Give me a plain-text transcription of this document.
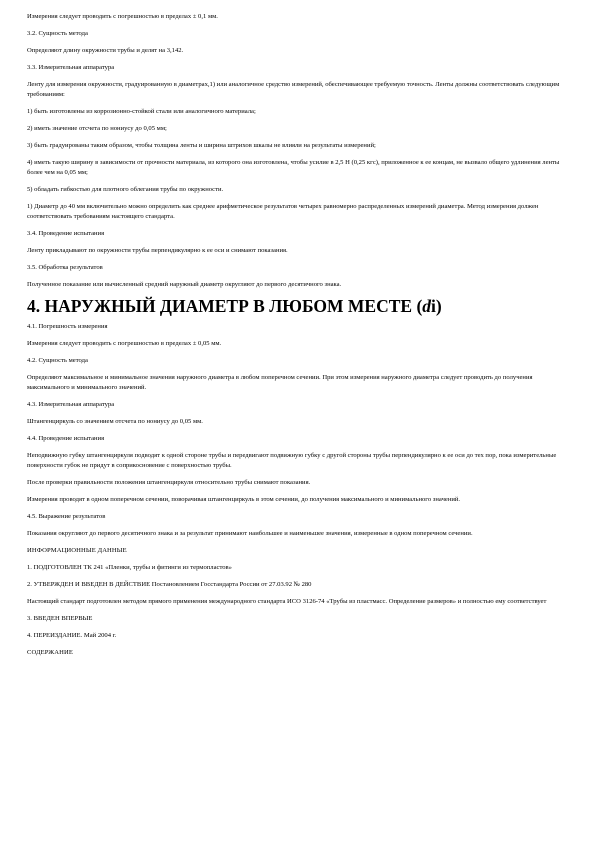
Измерения следует проводить с погрешностью в пределах ± 0,1 мм.

3.2. Сущность метода

Определяют длину окружности трубы и делят на 3,142.

3.3. Измерительная аппаратура

Ленту для измерения окружности, градуированную в диаметрах,1) или аналогичное средство измерений, обеспечивающее требуемую точность. Ленты должны соответствовать следующим требованиям:

1) быть изготовлены из коррозионно-стойкой стали или аналогичного материала;

2) иметь значение отсчета по нониусу до 0,05 мм;

3) быть градуированы таким образом, чтобы толщина ленты и ширина штрихов шкалы не влияли на результаты измерений;

4) иметь такую ширину в зависимости от прочности материала, из которого она изготовлена, чтобы усилие в 2,5 Н (0,25 кгс), приложенное к ее концам, не вызвало общего удлинения ленты более чем на 0,05 мм;

5) обладать гибкостью для плотного облегания трубы по окружности.

1) Диаметр до 40 мм включительно можно определить как среднее арифметическое результатов четырех равномерно распределенных измерений диаметра. Метод измерения должен соответствовать требованиям настоящего стандарта.

3.4. Проведение испытания

Ленту прикладывают по окружности трубы перпендикулярно к ее оси и снимают показания.

3.5. Обработка результатов

Полученное показание или вычисленный средний наружный диаметр округляют до первого десятичного знака.

4. НАРУЖНЫЙ ДИАМЕТР В ЛЮБОМ МЕСТЕ (di)

4.1. Погрешность измерения

Измерения следует проводить с погрешностью в пределах ± 0,05 мм.

4.2. Сущность метода

Определяют максимальное и минимальное значения наружного диаметра в любом поперечном сечении. При этом измерения наружного диаметра следует проводить до получения максимального и минимального значений.

4.3. Измерительная аппаратура

Штангенциркуль со значением отсчета по нониусу до 0,05 мм.

4.4. Проведение испытания

Неподвижную губку штангенциркуля подводят к одной стороне трубы и передвигают подвижную губку с другой стороны трубы перпендикулярно к ее оси до тех пор, пока измерительные поверхности губок не придут в соприкосновение с поверхностью трубы.

После проверки правильности положения штангенциркуля относительно трубы снимают показания.

Измерения проводят в одном поперечном сечении, поворачивая штангенциркуль в этом сечении, до получения максимального и минимального значений.

4.5. Выражение результатов

Показания округляют до первого десятичного знака и за результат принимают наибольшее и наименьшее значения, измеренные в одном поперечном сечении.

ИНФОРМАЦИОННЫЕ ДАННЫЕ

1. ПОДГОТОВЛЕН ТК 241 «Пленки, трубы и фитинги из термопластов»

2. УТВЕРЖДЕН И ВВЕДЕН В ДЕЙСТВИЕ Постановлением Госстандарта России от 27.03.92 № 280

Настоящий стандарт подготовлен методом прямого применения международного стандарта ИСО 3126-74 «Трубы из пластмасс. Определение размеров» и полностью ему соответствует

3. ВВЕДЕН ВПЕРВЫЕ

4. ПЕРЕИЗДАНИЕ. Май 2004 г.

СОДЕРЖАНИЕ
